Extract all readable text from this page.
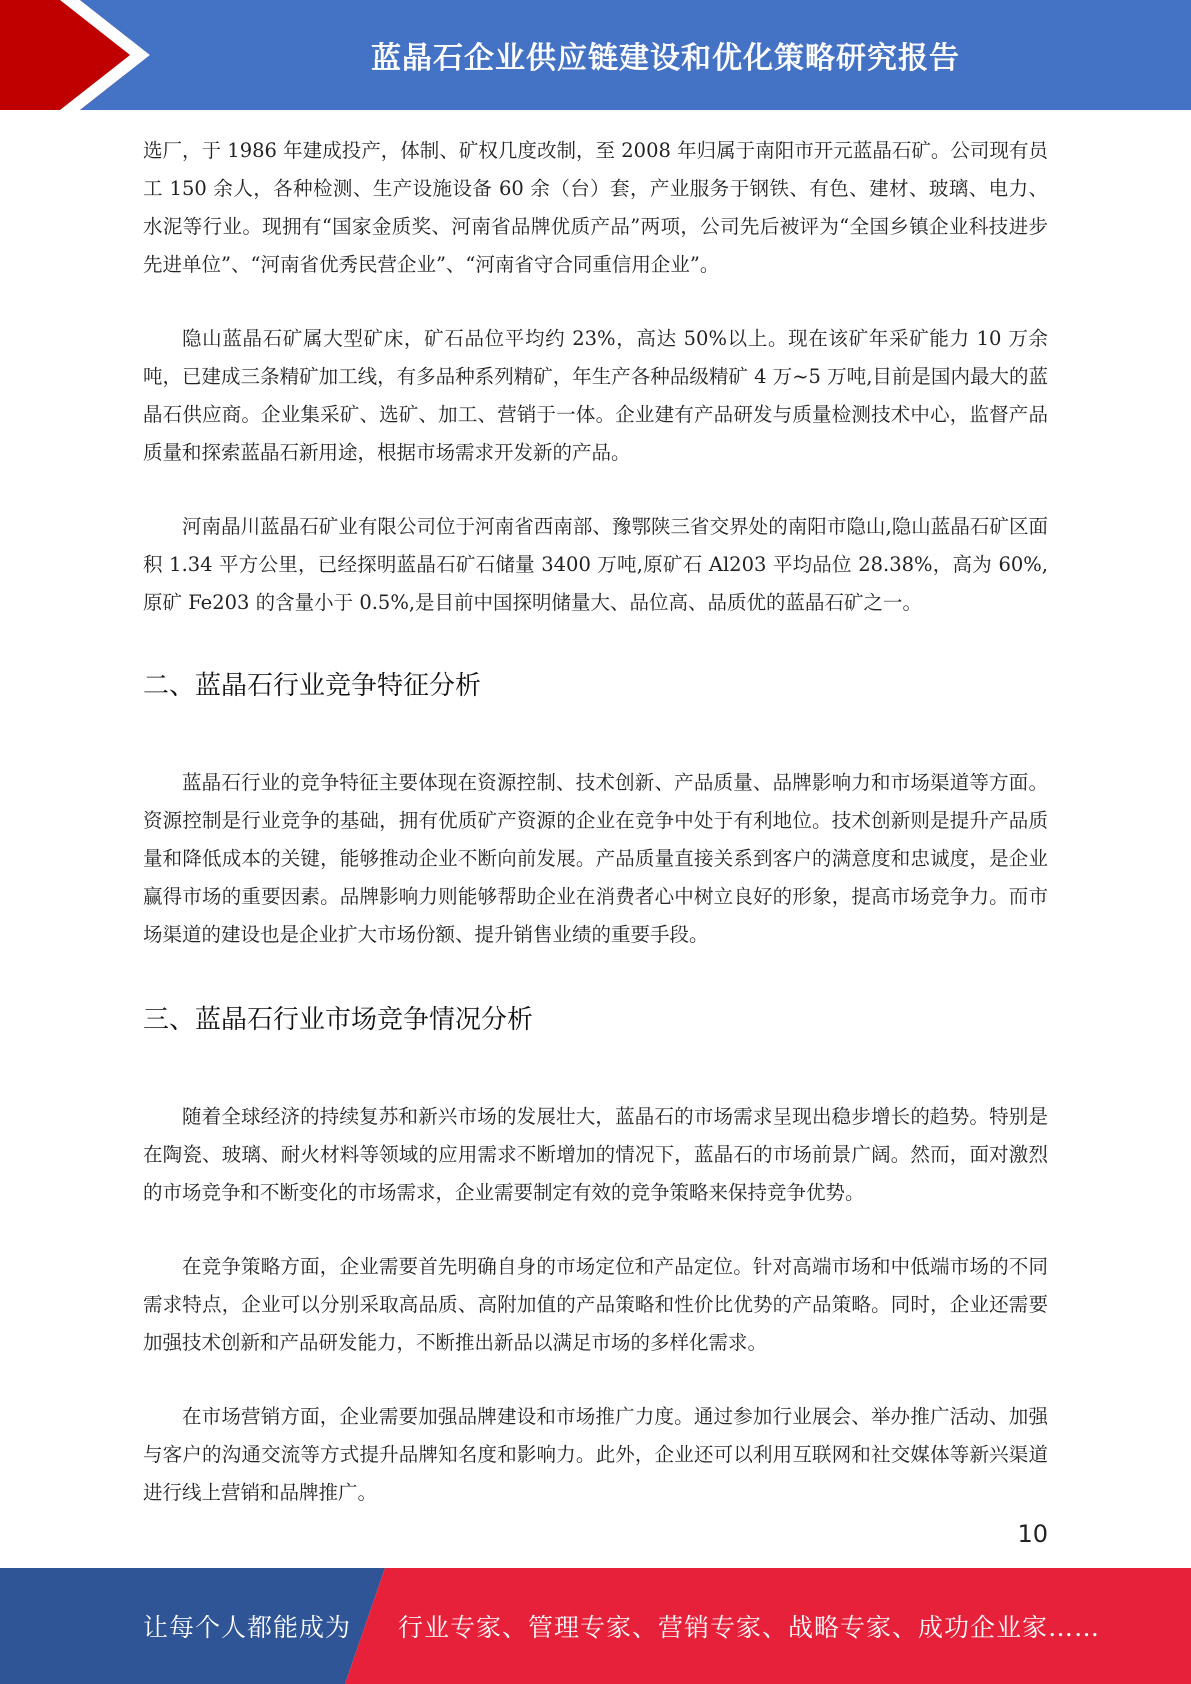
蓝晶石企业供应链建设和优化策略研究报告

选厂，于 1986 年建成投产，体制、矿权几度改制，至 2008 年归属于南阳市开元蓝晶石矿。公司现有员工 150 余人，各种检测、生产设施设备 60 余（台）套，产业服务于钢铁、有色、建材、玻璃、电力、水泥等行业。现拥有“国家金质奖、河南省品牌优质产品”两项，公司先后被评为“全国乡镇企业科技进步先进单位”、“河南省优秀民营企业”、“河南省守合同重信用企业”。

隐山蓝晶石矿属大型矿床，矿石品位平均约 23%，高达 50%以上。现在该矿年采矿能力 10 万余吨，已建成三条精矿加工线，有多品种系列精矿，年生产各种品级精矿 4 万~5 万吨,目前是国内最大的蓝晶石供应商。企业集采矿、选矿、加工、营销于一体。企业建有产品研发与质量检测技术中心，监督产品质量和探索蓝晶石新用途，根据市场需求开发新的产品。

河南晶川蓝晶石矿业有限公司位于河南省西南部、豫鄂陕三省交界处的南阳市隐山,隐山蓝晶石矿区面积 1.34 平方公里，已经探明蓝晶石矿石储量 3400 万吨,原矿石 Al203 平均品位 28.38%，高为 60%,原矿 Fe203 的含量小于 0.5%,是目前中国探明储量大、品位高、品质优的蓝晶石矿之一。

二、蓝晶石行业竞争特征分析

蓝晶石行业的竞争特征主要体现在资源控制、技术创新、产品质量、品牌影响力和市场渠道等方面。资源控制是行业竞争的基础，拥有优质矿产资源的企业在竞争中处于有利地位。技术创新则是提升产品质量和降低成本的关键，能够推动企业不断向前发展。产品质量直接关系到客户的满意度和忠诚度，是企业赢得市场的重要因素。品牌影响力则能够帮助企业在消费者心中树立良好的形象，提高市场竞争力。而市场渠道的建设也是企业扩大市场份额、提升销售业绩的重要手段。

三、蓝晶石行业市场竞争情况分析

随着全球经济的持续复苏和新兴市场的发展壮大，蓝晶石的市场需求呈现出稳步增长的趋势。特别是在陶瓷、玻璃、耐火材料等领域的应用需求不断增加的情况下，蓝晶石的市场前景广阔。然而，面对激烈的市场竞争和不断变化的市场需求，企业需要制定有效的竞争策略来保持竞争优势。

在竞争策略方面，企业需要首先明确自身的市场定位和产品定位。针对高端市场和中低端市场的不同需求特点，企业可以分别采取高品质、高附加值的产品策略和性价比优势的产品策略。同时，企业还需要加强技术创新和产品研发能力，不断推出新品以满足市场的多样化需求。

在市场营销方面，企业需要加强品牌建设和市场推广力度。通过参加行业展会、举办推广活动、加强与客户的沟通交流等方式提升品牌知名度和影响力。此外，企业还可以利用互联网和社交媒体等新兴渠道进行线上营销和品牌推广。

10
让每个人都能成为 行业专家、管理专家、营销专家、战略专家、成功企业家……
